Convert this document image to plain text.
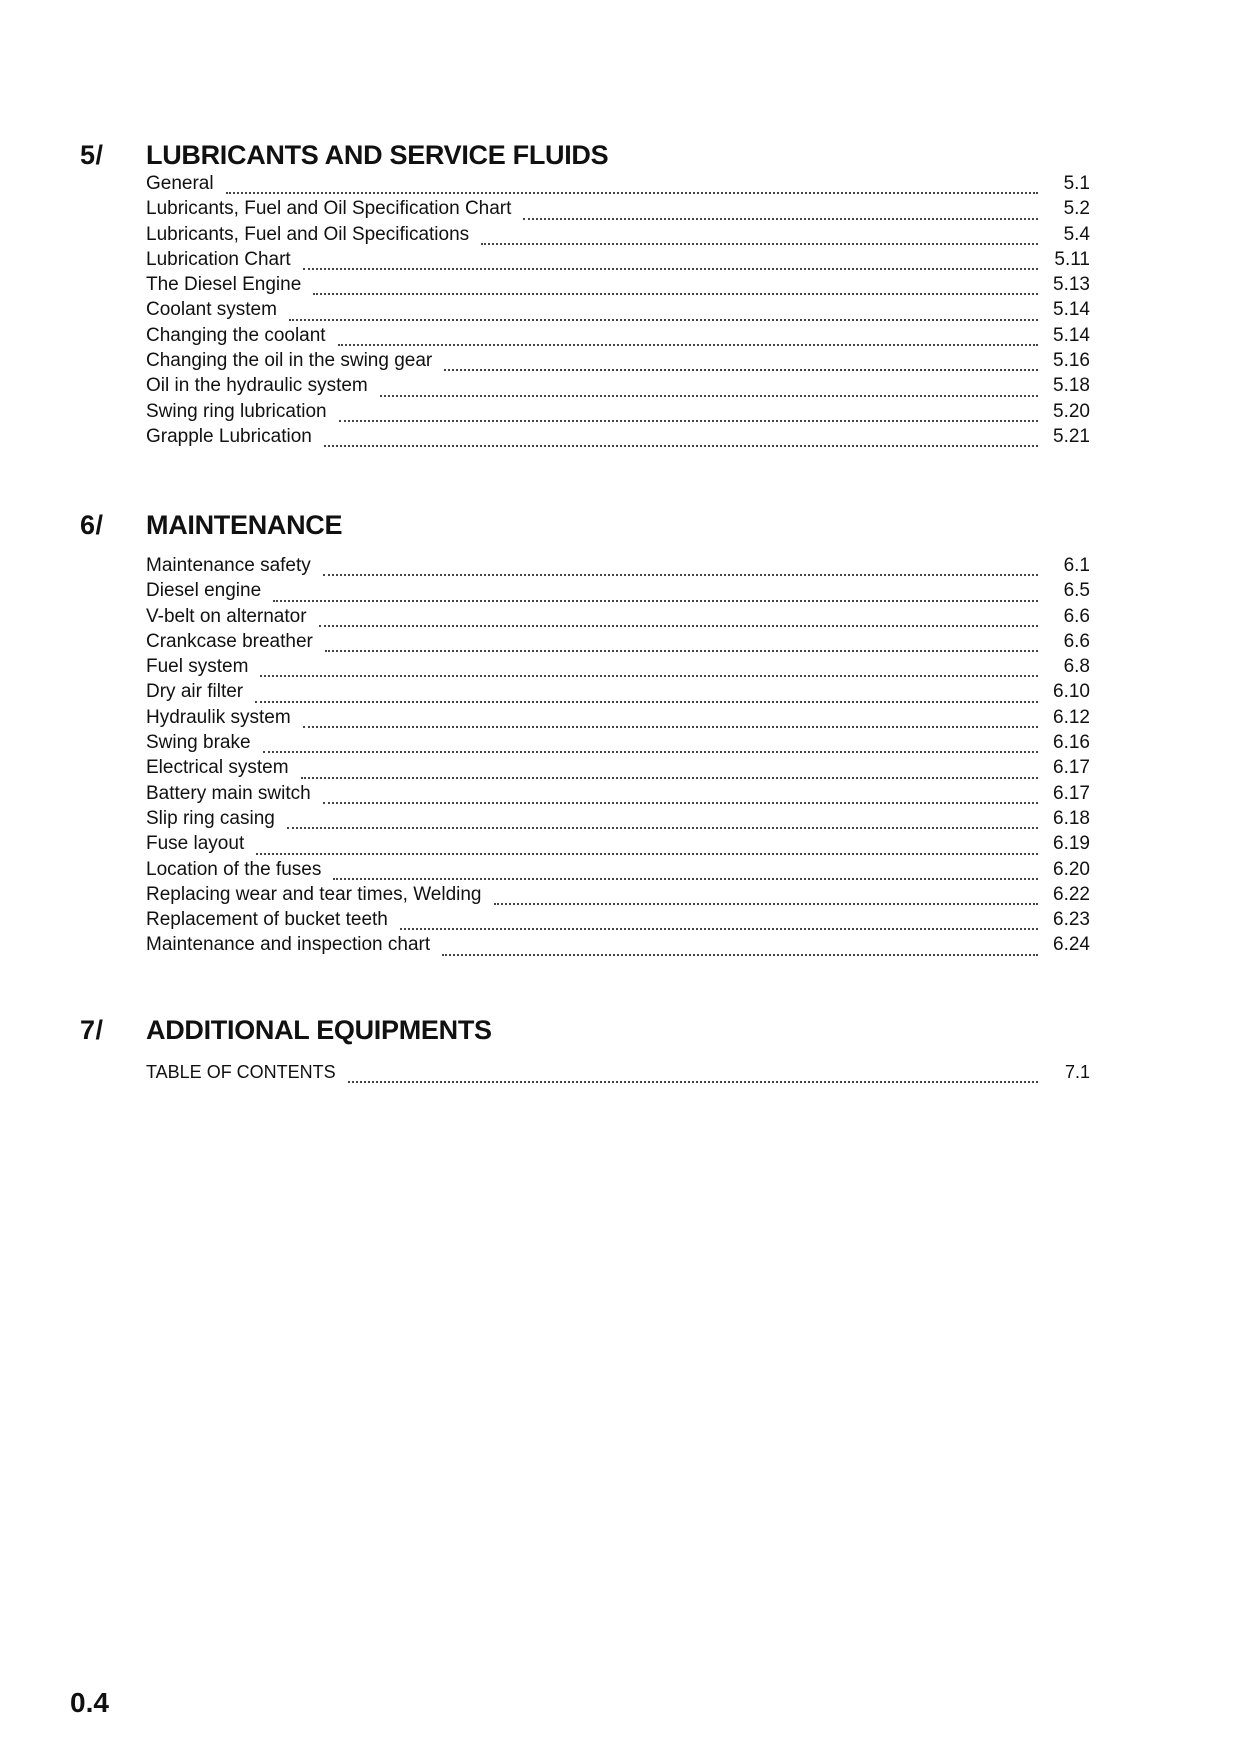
5/ LUBRICANTS AND SERVICE FLUIDS
General	5.1
Lubricants, Fuel and Oil Specification Chart	5.2
Lubricants, Fuel and Oil Specifications	5.4
Lubrication Chart	5.11
The Diesel Engine	5.13
Coolant system	5.14
Changing the coolant	5.14
Changing the oil in the swing gear	5.16
Oil in the hydraulic system	5.18
Swing ring lubrication	5.20
Grapple Lubrication	5.21
6/ MAINTENANCE
Maintenance safety	6.1
Diesel engine	6.5
V-belt on alternator	6.6
Crankcase breather	6.6
Fuel system	6.8
Dry air filter	6.10
Hydraulik system	6.12
Swing brake	6.16
Electrical system	6.17
Battery main switch	6.17
Slip ring casing	6.18
Fuse layout	6.19
Location of the fuses	6.20
Replacing wear and tear times, Welding	6.22
Replacement of bucket teeth	6.23
Maintenance and inspection chart	6.24
7/ ADDITIONAL EQUIPMENTS
TABLE OF CONTENTS	7.1
0.4
